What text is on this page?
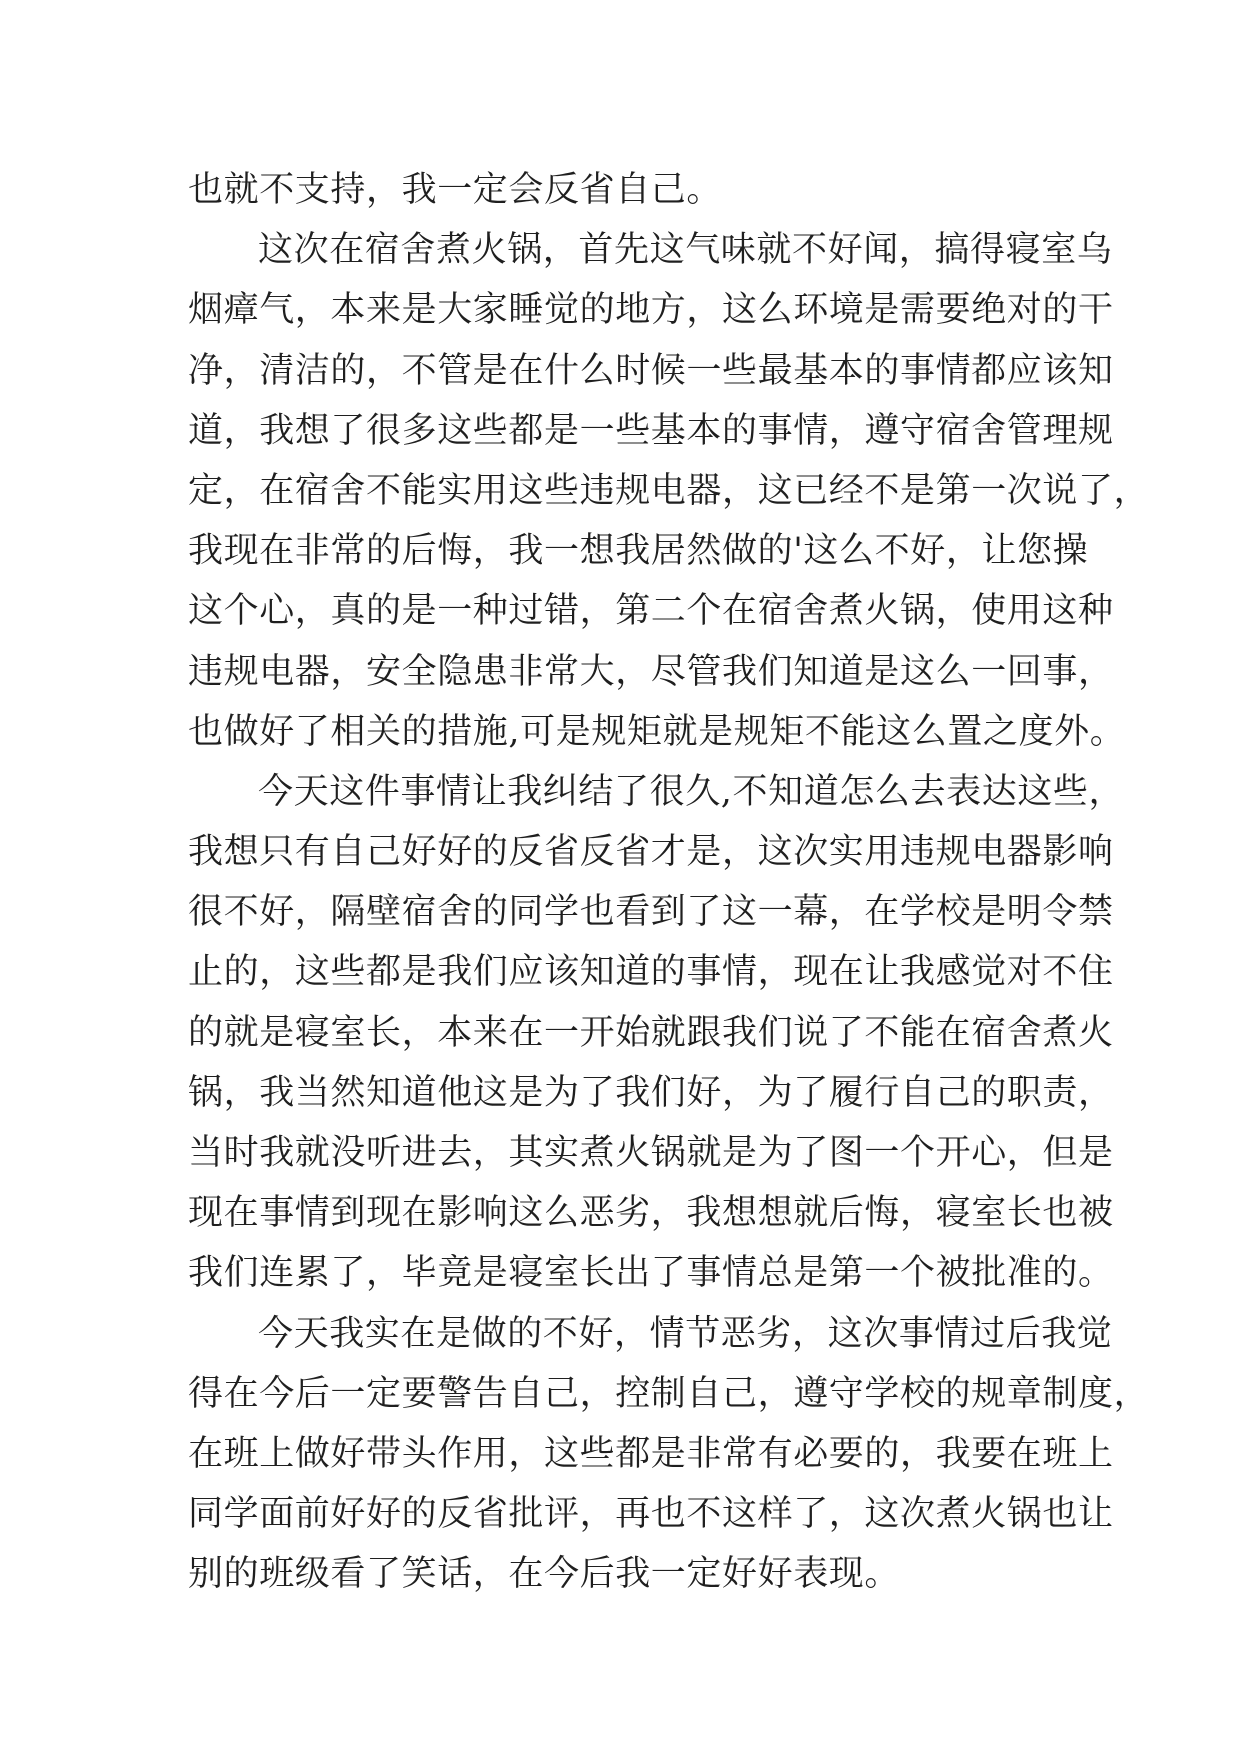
也就不支持，我一定会反省自己。
这次在宿舍煮火锅，首先这气味就不好闻，搞得寝室乌
烟瘴气，本来是大家睡觉的地方，这么环境是需要绝对的干
净，清洁的，不管是在什么时候一些最基本的事情都应该知
道，我想了很多这些都是一些基本的事情，遵守宿舍管理规
定，在宿舍不能实用这些违规电器，这已经不是第一次说了，
我现在非常的后悔，我一想我居然做的'这么不好，让您操
这个心，真的是一种过错，第二个在宿舍煮火锅，使用这种
违规电器，安全隐患非常大，尽管我们知道是这么一回事，
也做好了相关的措施,可是规矩就是规矩不能这么置之度外。
今天这件事情让我纠结了很久,不知道怎么去表达这些，
我想只有自己好好的反省反省才是，这次实用违规电器影响
很不好，隔壁宿舍的同学也看到了这一幕，在学校是明令禁
止的，这些都是我们应该知道的事情，现在让我感觉对不住
的就是寝室长，本来在一开始就跟我们说了不能在宿舍煮火
锅，我当然知道他这是为了我们好，为了履行自己的职责，
当时我就没听进去，其实煮火锅就是为了图一个开心，但是
现在事情到现在影响这么恶劣，我想想就后悔，寝室长也被
我们连累了，毕竟是寝室长出了事情总是第一个被批准的。
今天我实在是做的不好，情节恶劣，这次事情过后我觉
得在今后一定要警告自己，控制自己，遵守学校的规章制度，
在班上做好带头作用，这些都是非常有必要的，我要在班上
同学面前好好的反省批评，再也不这样了，这次煮火锅也让
别的班级看了笑话，在今后我一定好好表现。
